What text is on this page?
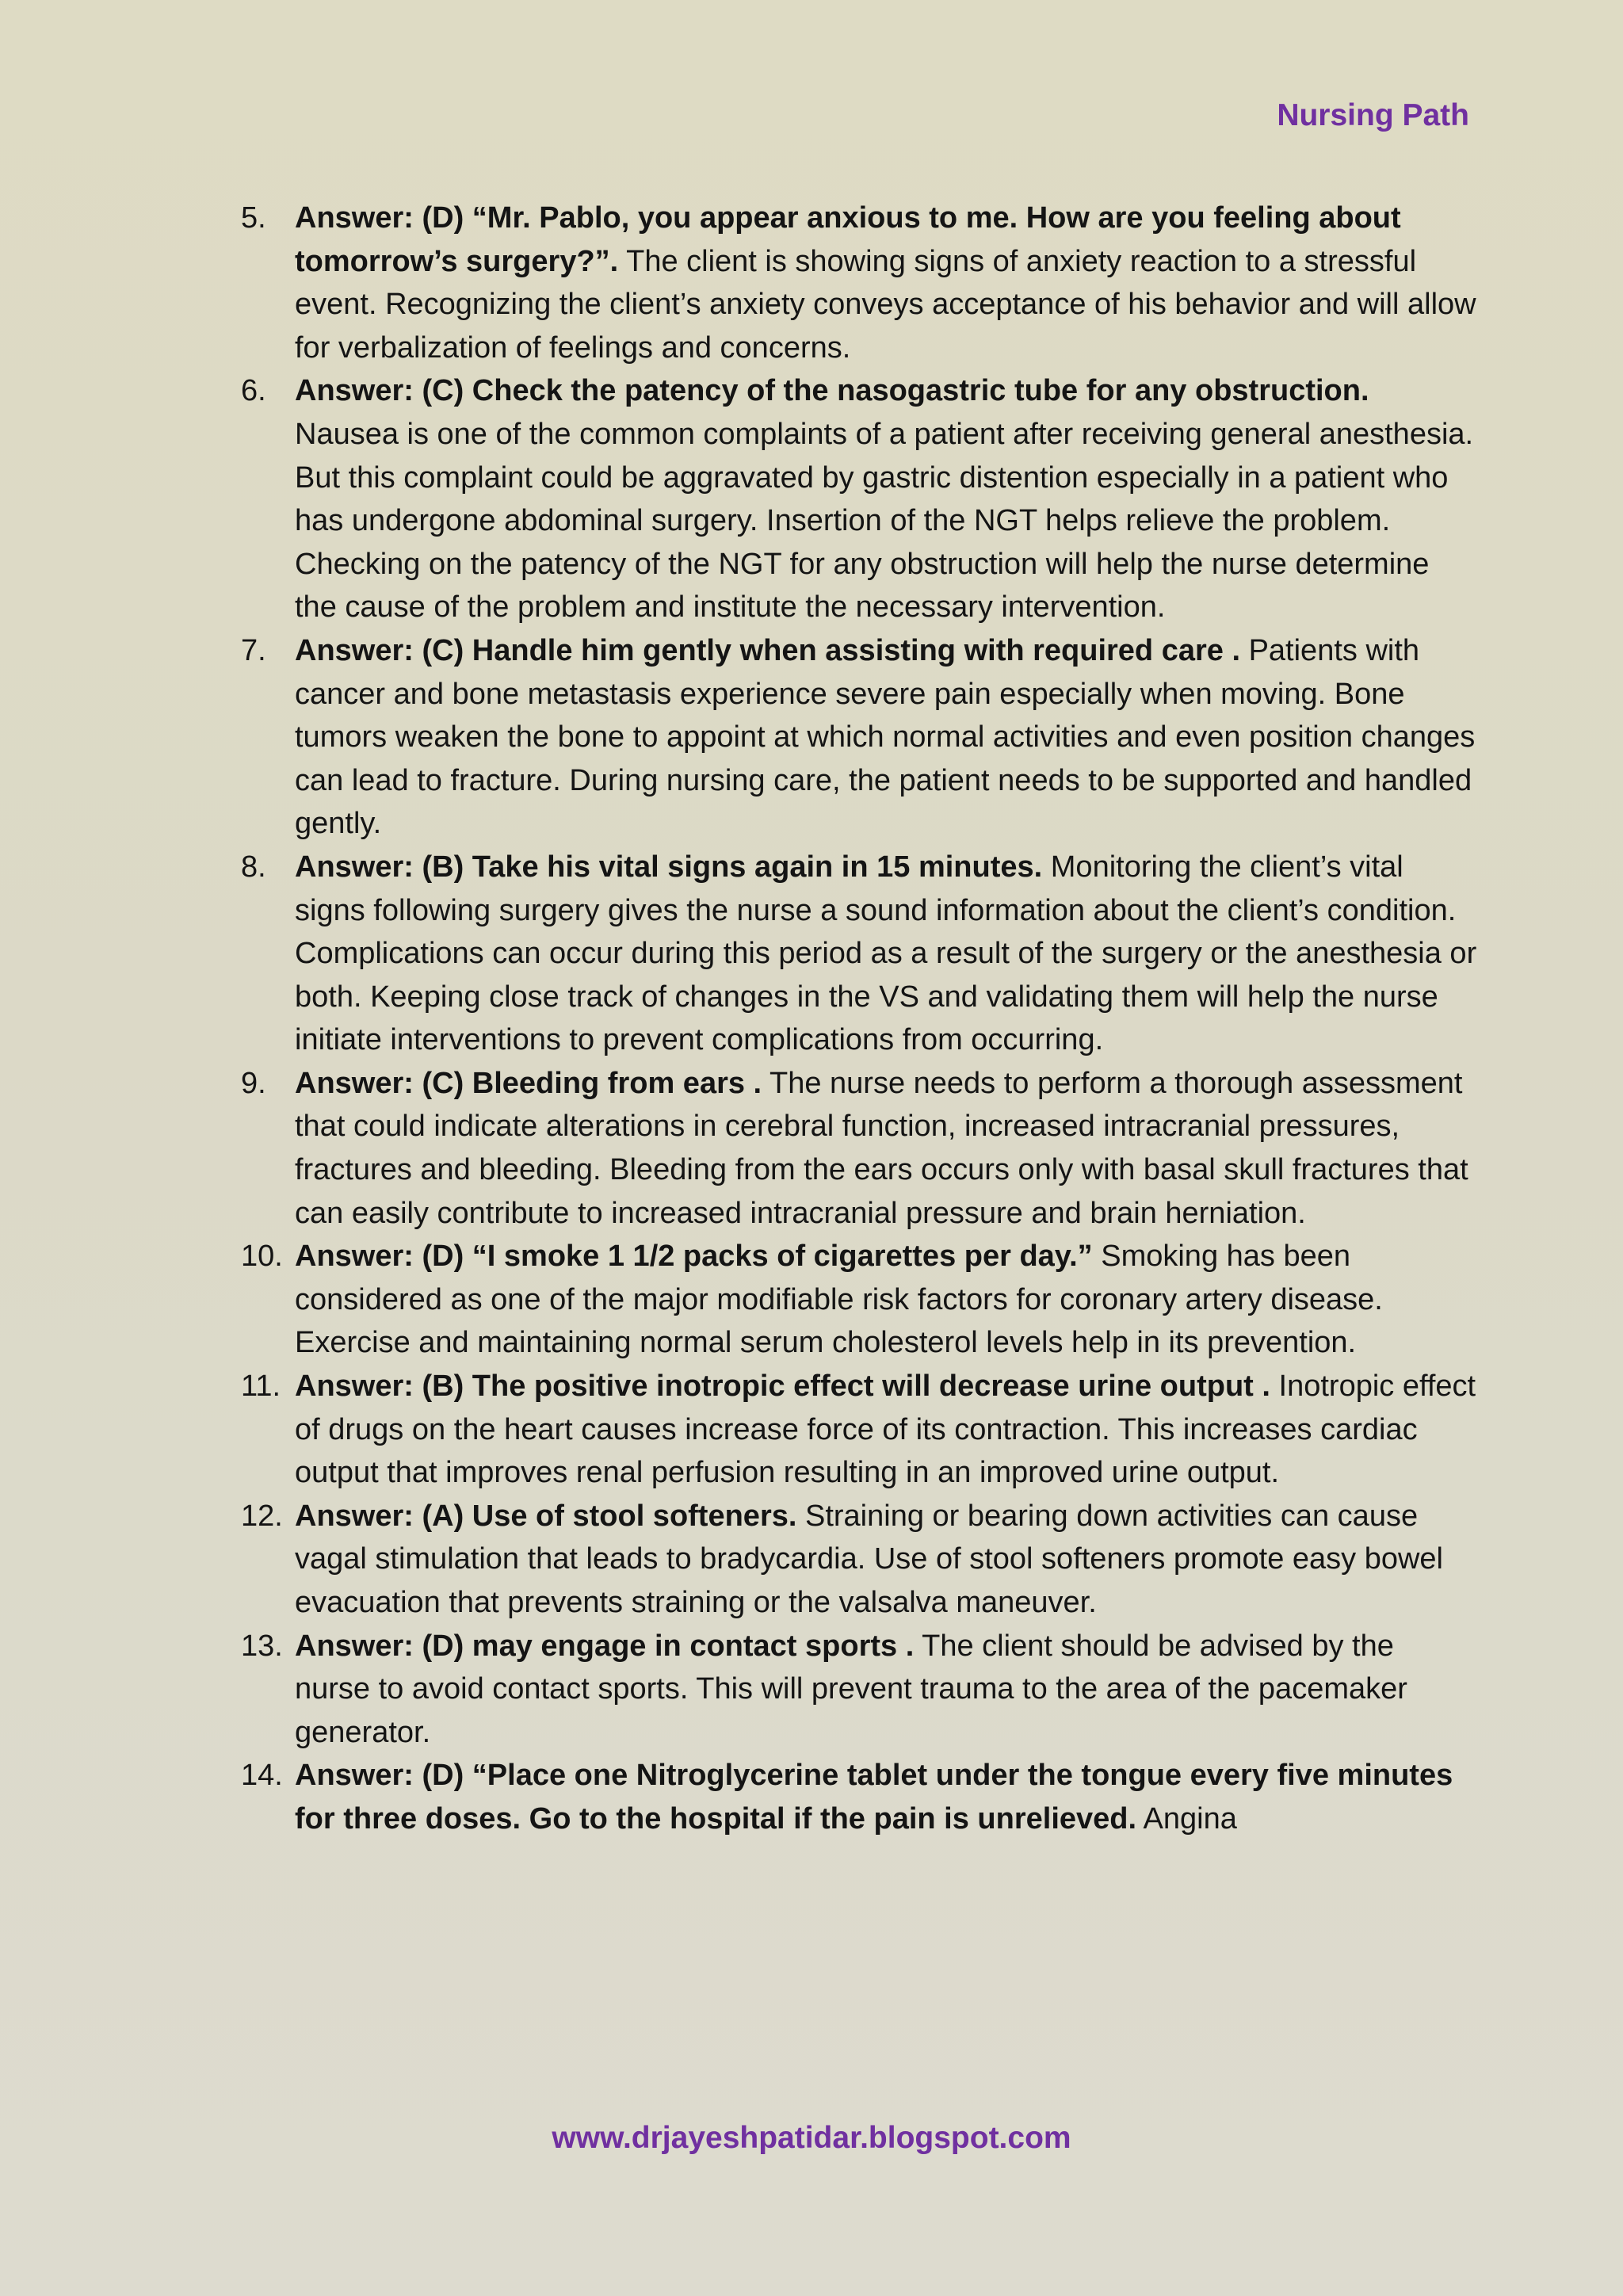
Nursing Path
5. Answer: (D) “Mr. Pablo, you appear anxious to me. How are you feeling about tomorrow’s surgery?”. The client is showing signs of anxiety reaction to a stressful event. Recognizing the client’s anxiety conveys acceptance of his behavior and will allow for verbalization of feelings and concerns.
6. Answer: (C) Check the patency of the nasogastric tube for any obstruction. Nausea is one of the common complaints of a patient after receiving general anesthesia. But this complaint could be aggravated by gastric distention especially in a patient who has undergone abdominal surgery. Insertion of the NGT helps relieve the problem. Checking on the patency of the NGT for any obstruction will help the nurse determine the cause of the problem and institute the necessary intervention.
7. Answer: (C) Handle him gently when assisting with required care . Patients with cancer and bone metastasis experience severe pain especially when moving. Bone tumors weaken the bone to appoint at which normal activities and even position changes can lead to fracture. During nursing care, the patient needs to be supported and handled gently.
8. Answer: (B) Take his vital signs again in 15 minutes. Monitoring the client’s vital signs following surgery gives the nurse a sound information about the client’s condition. Complications can occur during this period as a result of the surgery or the anesthesia or both. Keeping close track of changes in the VS and validating them will help the nurse initiate interventions to prevent complications from occurring.
9. Answer: (C) Bleeding from ears . The nurse needs to perform a thorough assessment that could indicate alterations in cerebral function, increased intracranial pressures, fractures and bleeding. Bleeding from the ears occurs only with basal skull fractures that can easily contribute to increased intracranial pressure and brain herniation.
10. Answer: (D) “I smoke 1 1/2 packs of cigarettes per day.” Smoking has been considered as one of the major modifiable risk factors for coronary artery disease. Exercise and maintaining normal serum cholesterol levels help in its prevention.
11. Answer: (B) The positive inotropic effect will decrease urine output . Inotropic effect of drugs on the heart causes increase force of its contraction. This increases cardiac output that improves renal perfusion resulting in an improved urine output.
12. Answer: (A) Use of stool softeners. Straining or bearing down activities can cause vagal stimulation that leads to bradycardia. Use of stool softeners promote easy bowel evacuation that prevents straining or the valsalva maneuver.
13. Answer: (D) may engage in contact sports . The client should be advised by the nurse to avoid contact sports. This will prevent trauma to the area of the pacemaker generator.
14. Answer: (D) “Place one Nitroglycerine tablet under the tongue every five minutes for three doses. Go to the hospital if the pain is unrelieved. Angina
www.drjayeshpatidar.blogspot.com
